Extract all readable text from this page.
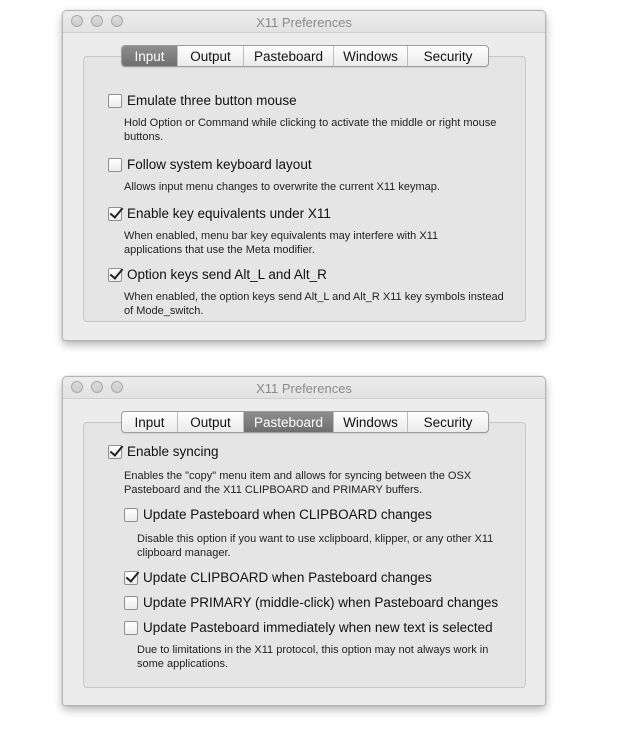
X11 Preferences
Input	Output	Pasteboard	Windows	Security
Emulate three button mouse
Hold Option or Command while clicking to activate the middle or right mouse buttons.
Follow system keyboard layout
Allows input menu changes to overwrite the current X11 keymap.
Enable key equivalents under X11
When enabled, menu bar key equivalents may interfere with X11 applications that use the Meta modifier.
Option keys send Alt_L and Alt_R
When enabled, the option keys send Alt_L and Alt_R X11 key symbols instead of Mode_switch.
X11 Preferences
Input	Output	Pasteboard	Windows	Security
Enable syncing
Enables the "copy" menu item and allows for syncing between the OSX Pasteboard and the X11 CLIPBOARD and PRIMARY buffers.
Update Pasteboard when CLIPBOARD changes
Disable this option if you want to use xclipboard, klipper, or any other X11 clipboard manager.
Update CLIPBOARD when Pasteboard changes
Update PRIMARY (middle-click) when Pasteboard changes
Update Pasteboard immediately when new text is selected
Due to limitations in the X11 protocol, this option may not always work in some applications.
